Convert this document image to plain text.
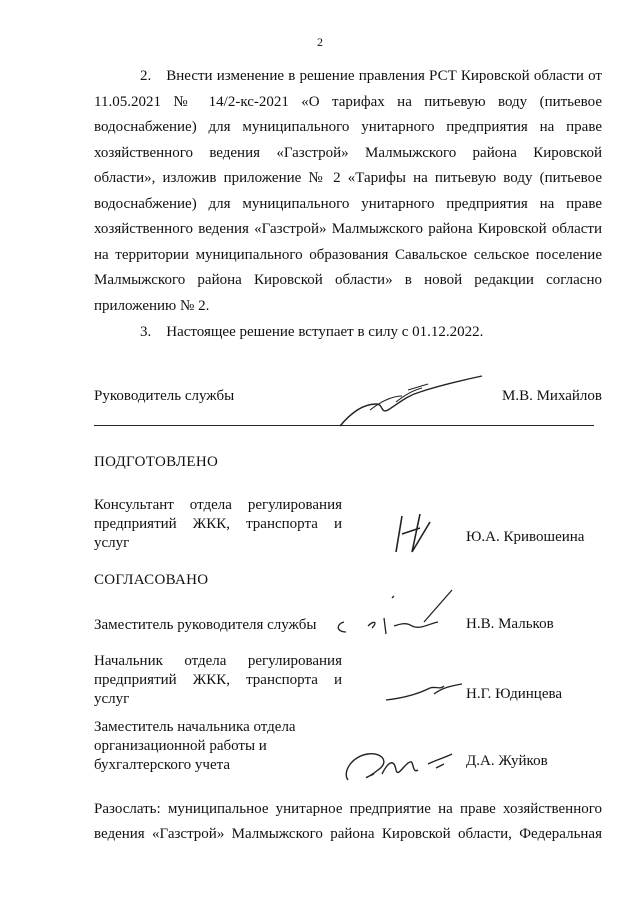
2

2. Внести изменение в решение правления РСТ Кировской области от 11.05.2021 № 14/2-кс-2021 «О тарифах на питьевую воду (питьевое водоснабжение) для муниципального унитарного предприятия на праве хозяйственного ведения «Газстрой» Малмыжского района Кировской области», изложив приложение № 2 «Тарифы на питьевую воду (питьевое водоснабжение) для муниципального унитарного предприятия на праве хозяйственного ведения «Газстрой» Малмыжского района Кировской области на территории муниципального образования Савальское сельское поселение Малмыжского района Кировской области» в новой редакции согласно приложению № 2.

3. Настоящее решение вступает в силу с 01.12.2022.

Руководитель службы	М.В. Михайлов
ПОДГОТОВЛЕНО

Консультант отдела регулирования предприятий ЖКК, транспорта и услуг	Ю.А. Кривошеина
СОГЛАСОВАНО

Заместитель руководителя службы	Н.В. Мальков

Начальник отдела регулирования предприятий ЖКК, транспорта и услуг	Н.Г. Юдинцева

Заместитель начальника отдела организационной работы и бухгалтерского учета	Д.А. Жуйков

Разослать: муниципальное унитарное предприятие на праве хозяйственного ведения «Газстрой» Малмыжского района Кировской области, Федеральная
